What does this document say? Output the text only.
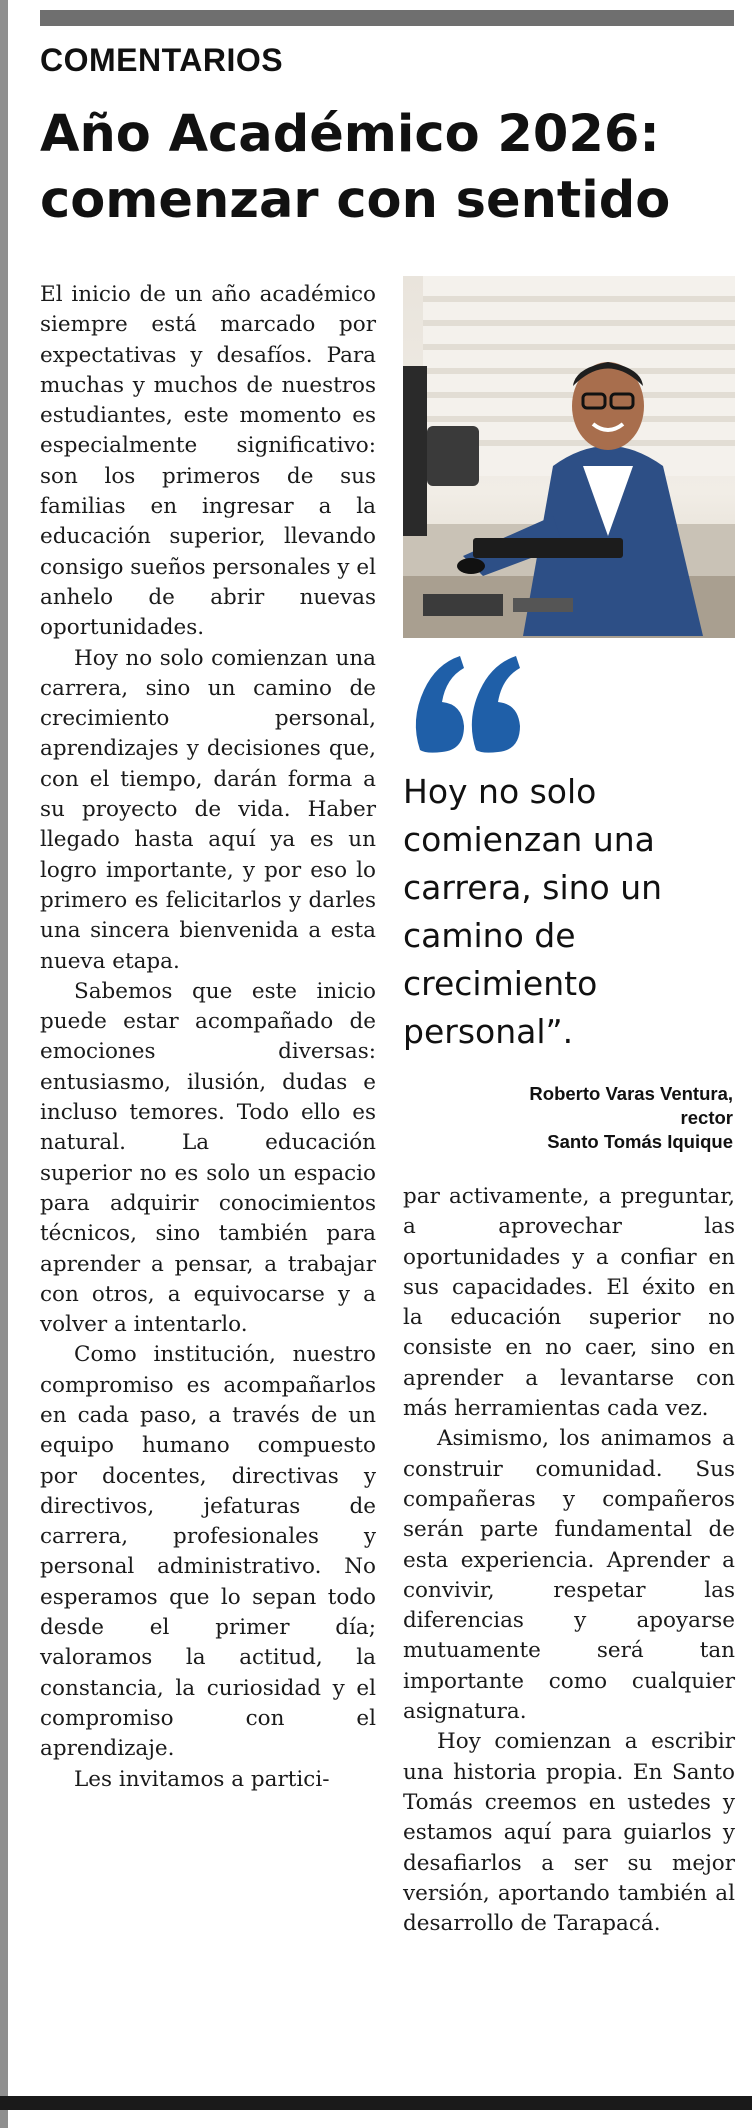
COMENTARIOS
Año Académico 2026:
comenzar con sentido

El inicio de un año académico siempre está marcado por expectativas y desafíos. Para muchas y muchos de nuestros estudiantes, este momento es especialmente significativo: son los primeros de sus familias en ingresar a la educación superior, llevando consigo sueños personales y el anhelo de abrir nuevas oportunidades.

Hoy no solo comienzan una carrera, sino un camino de crecimiento personal, aprendizajes y decisiones que, con el tiempo, darán forma a su proyecto de vida. Haber llegado hasta aquí ya es un logro importante, y por eso lo primero es felicitarlos y darles una sincera bienvenida a esta nueva etapa.

Sabemos que este inicio puede estar acompañado de emociones diversas: entusiasmo, ilusión, dudas e incluso temores. Todo ello es natural. La educación superior no es solo un espacio para adquirir conocimientos técnicos, sino también para aprender a pensar, a trabajar con otros, a equivocarse y a volver a intentarlo.

Como institución, nuestro compromiso es acompañarlos en cada paso, a través de un equipo humano compuesto por docentes, directivas y directivos, jefaturas de carrera, profesionales y personal administrativo. No esperamos que lo sepan todo desde el primer día; valoramos la actitud, la constancia, la curiosidad y el compromiso con el aprendizaje.

Les invitamos a partici-

Hoy no solo comienzan una carrera, sino un camino de crecimiento personal”.
Roberto Varas Ventura,
rector
Santo Tomás Iquique

par activamente, a preguntar, a aprovechar las oportunidades y a confiar en sus capacidades. El éxito en la educación superior no consiste en no caer, sino en aprender a levantarse con más herramientas cada vez.

Asimismo, los animamos a construir comunidad. Sus compañeras y compañeros serán parte fundamental de esta experiencia. Aprender a convivir, respetar las diferencias y apoyarse mutuamente será tan importante como cualquier asignatura.

Hoy comienzan a escribir una historia propia. En Santo Tomás creemos en ustedes y estamos aquí para guiarlos y desafiarlos a ser su mejor versión, aportando también al desarrollo de Tarapacá.
